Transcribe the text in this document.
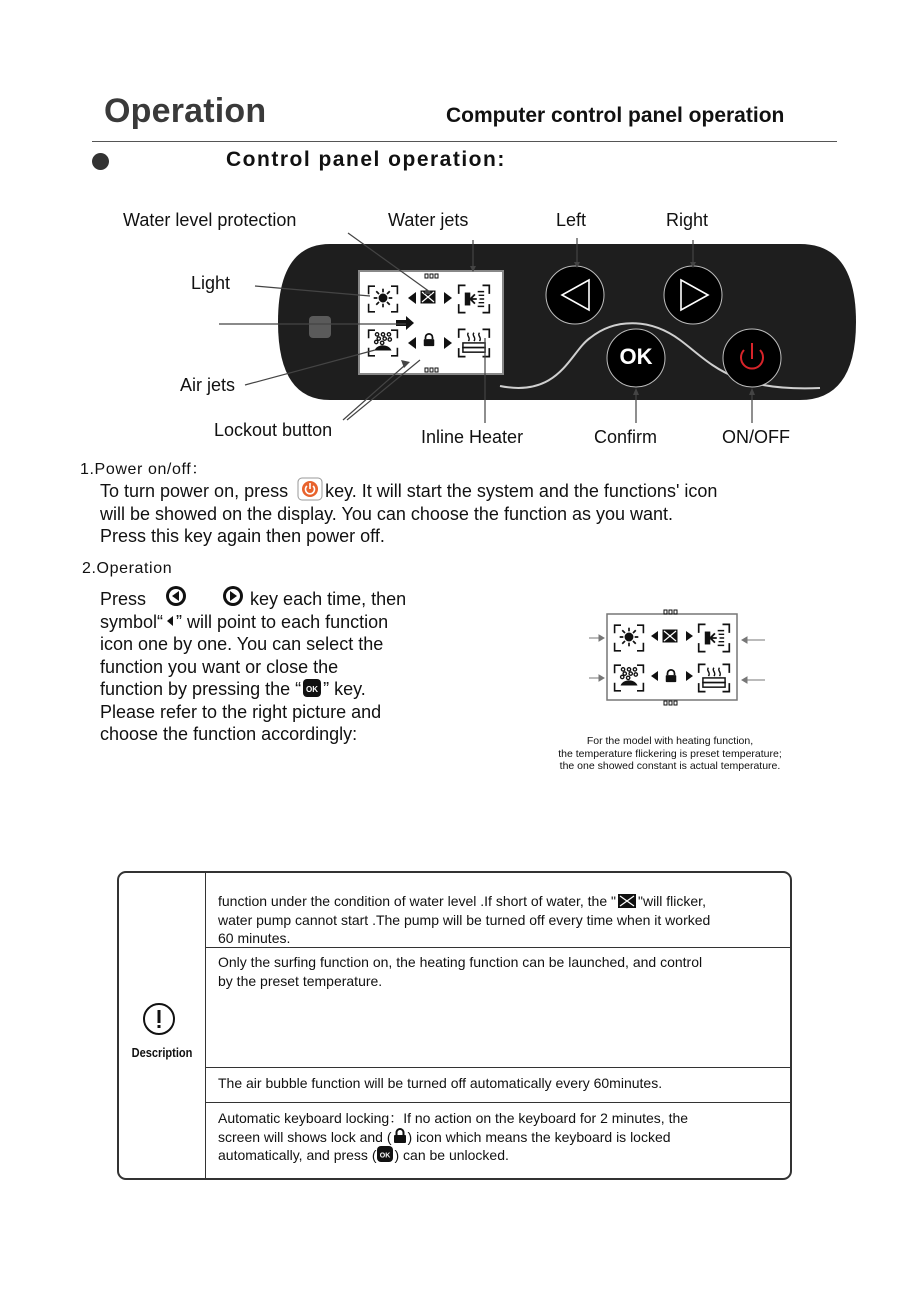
Operation	Computer control panel operation
Control panel operation:
OK
Water level protection	Water jets	Left	Right
Light
Air jets
Lockout button	Inline Heater	Confirm	ON/OFF
1.Power on/off：
To turn power on, press key. It will start the system and the functions' icon
will be showed on the display. You can choose the function as you want.
Press this key again then power off.
2.Operation
Press	key each time, then
symbol“ ” will point to each function
icon one by one. You can select the
function you want or close the
function by pressing the “ OK ” key.
Please refer to the right picture and
choose the function accordingly:	For the model with heating function,
the temperature flickering is preset temperature;
the one showed constant is actual temperature.
Description
function under the condition of water level .If short of water, the " "will flicker,
water pump cannot start .The pump will be turned off every time when it worked
60 minutes.
Only the surfing function on, the heating function can be launched, and control
by the preset temperature.
The air bubble function will be turned off automatically every 60minutes.
Automatic keyboard locking：If no action on the keyboard for 2 minutes, the
screen will shows lock and ( ) icon which means the keyboard is locked
automatically, and press ( OK ) can be unlocked.
